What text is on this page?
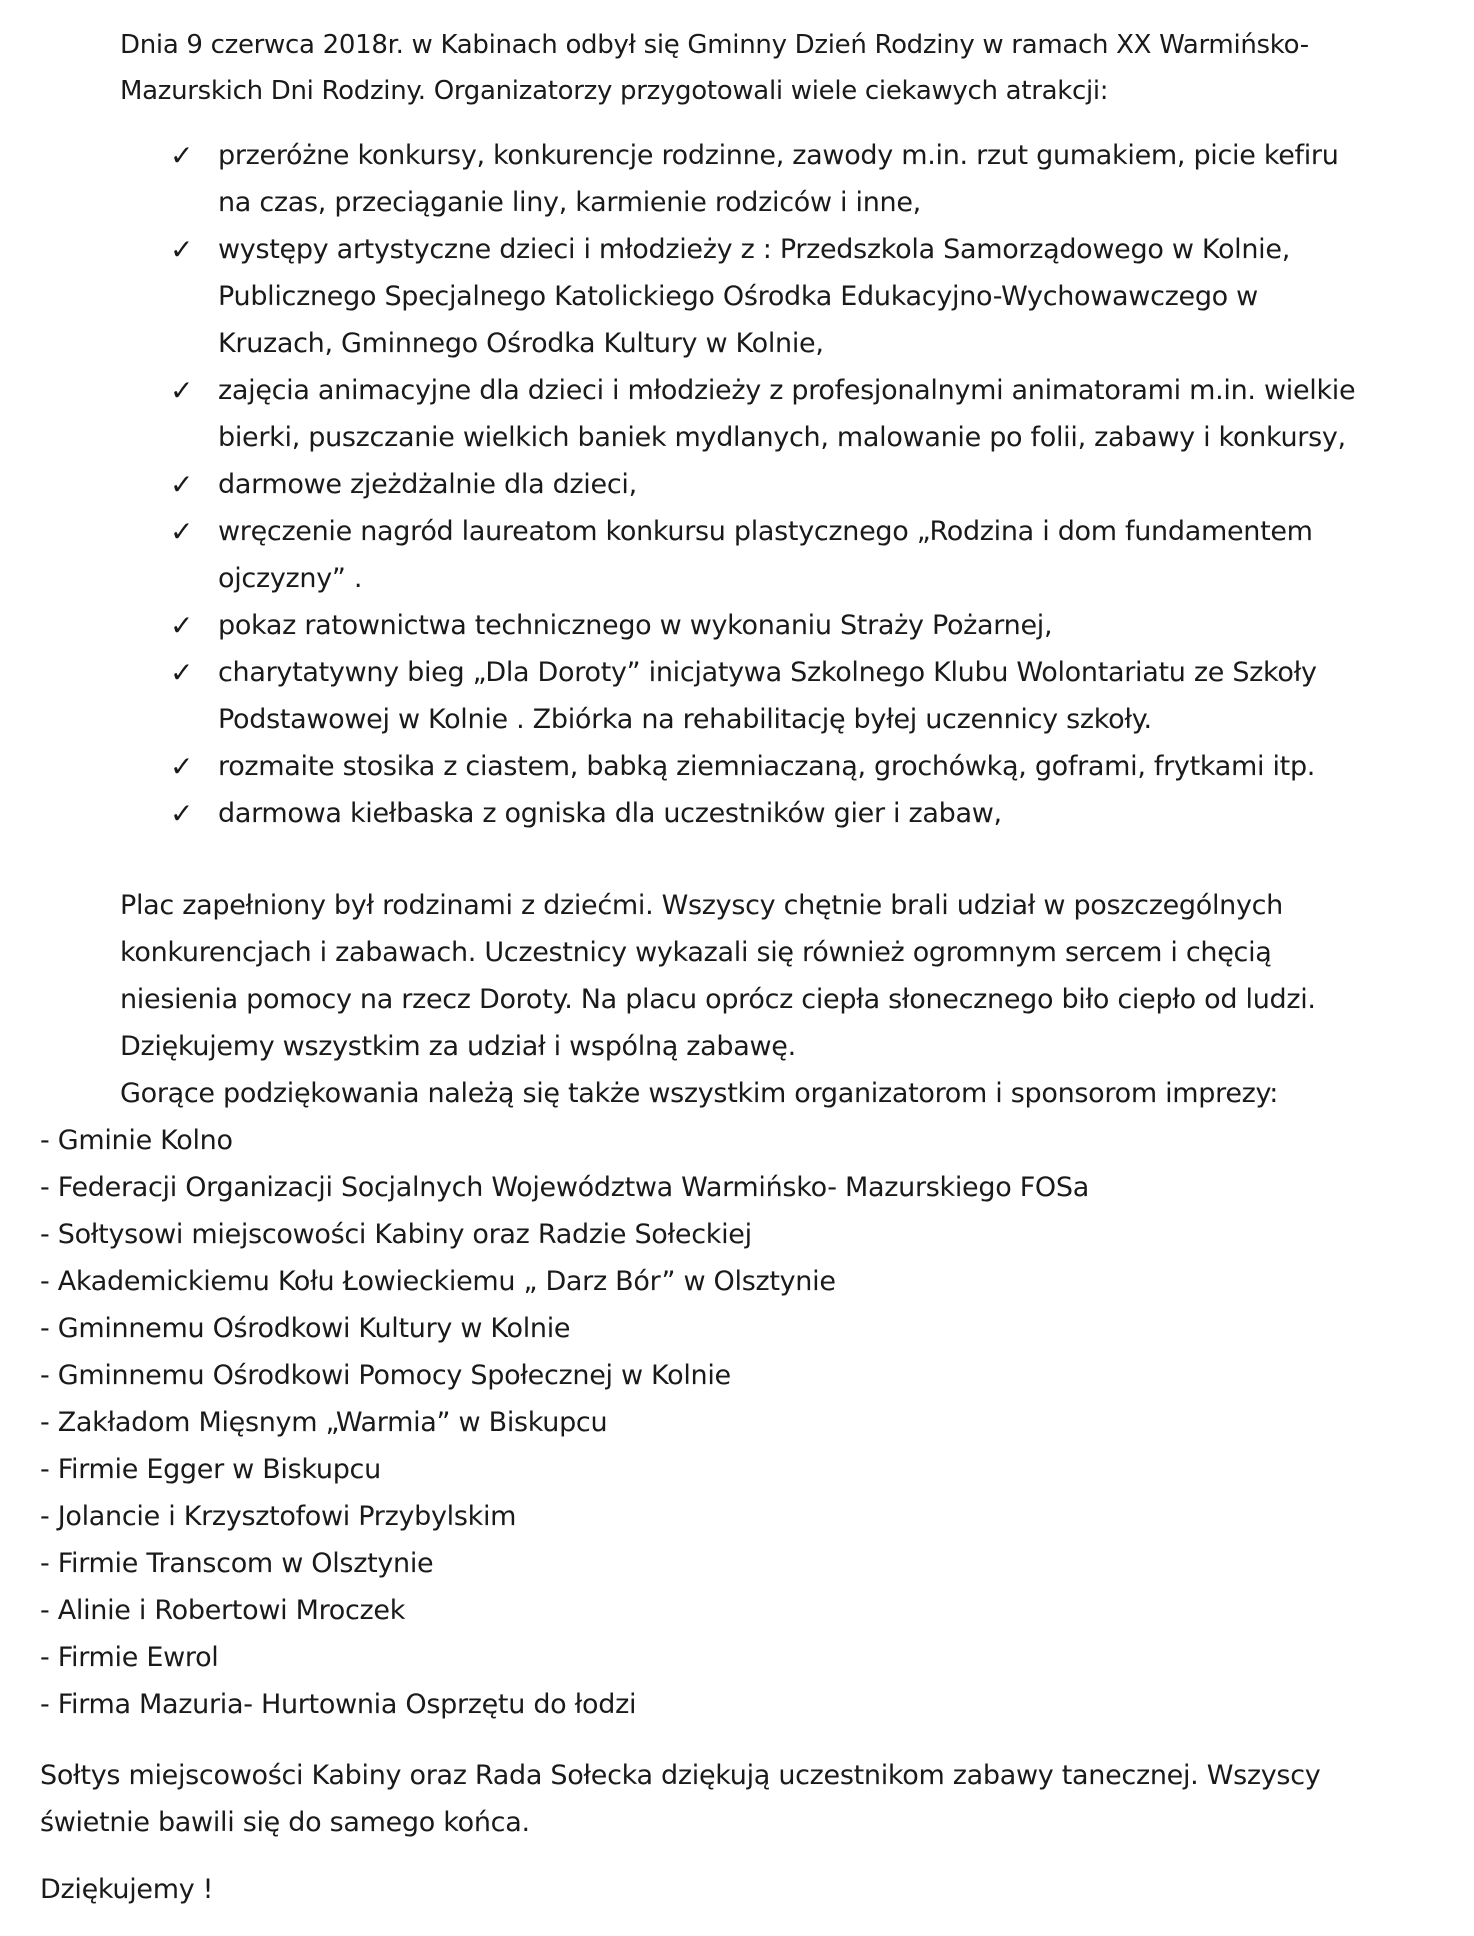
Dnia 9 czerwca 2018r. w Kabinach odbył się Gminny Dzień Rodziny w ramach XX Warmińsko-
Mazurskich Dni Rodziny. Organizatorzy przygotowali wiele ciekawych atrakcji:

✓ przeróżne konkursy, konkurencje rodzinne, zawody m.in. rzut gumakiem, picie kefiru
na czas, przeciąganie liny, karmienie rodziców i inne,
✓ występy artystyczne dzieci i młodzieży z : Przedszkola Samorządowego w Kolnie,
Publicznego Specjalnego Katolickiego Ośrodka Edukacyjno-Wychowawczego w
Kruzach, Gminnego Ośrodka Kultury w Kolnie,
✓ zajęcia animacyjne dla dzieci i młodzieży z profesjonalnymi animatorami m.in. wielkie
bierki, puszczanie wielkich baniek mydlanych, malowanie po folii, zabawy i konkursy,
✓ darmowe zjeżdżalnie dla dzieci,
✓ wręczenie nagród laureatom konkursu plastycznego „Rodzina i dom fundamentem
ojczyzny” .
✓ pokaz ratownictwa technicznego w wykonaniu Straży Pożarnej,
✓ charytatywny bieg „Dla Doroty” inicjatywa Szkolnego Klubu Wolontariatu ze Szkoły
Podstawowej w Kolnie . Zbiórka na rehabilitację byłej uczennicy szkoły.
✓ rozmaite stosika z ciastem, babką ziemniaczaną, grochówką, goframi, frytkami itp.
✓ darmowa kiełbaska z ogniska dla uczestników gier i zabaw,

Plac zapełniony był rodzinami z dziećmi. Wszyscy chętnie brali udział w poszczególnych
konkurencjach i zabawach. Uczestnicy wykazali się również ogromnym sercem i chęcią
niesienia pomocy na rzecz Doroty. Na placu oprócz ciepła słonecznego biło ciepło od ludzi.
Dziękujemy wszystkim za udział i wspólną zabawę.

Gorące podziękowania należą się także wszystkim organizatorom i sponsorom imprezy:

- Gminie Kolno
- Federacji Organizacji Socjalnych Województwa Warmińsko- Mazurskiego FOSa
- Sołtysowi miejscowości Kabiny oraz Radzie Sołeckiej
- Akademickiemu Kołu Łowieckiemu „ Darz Bór” w Olsztynie
- Gminnemu Ośrodkowi Kultury w Kolnie
- Gminnemu Ośrodkowi Pomocy Społecznej w Kolnie
- Zakładom Mięsnym „Warmia” w Biskupcu
- Firmie Egger w Biskupcu
- Jolancie i Krzysztofowi Przybylskim
- Firmie Transcom w Olsztynie
- Alinie i Robertowi Mroczek
- Firmie Ewrol
- Firma Mazuria- Hurtownia Osprzętu do łodzi

Sołtys miejscowości Kabiny oraz Rada Sołecka dziękują uczestnikom zabawy tanecznej. Wszyscy
świetnie bawili się do samego końca.

Dziękujemy !
